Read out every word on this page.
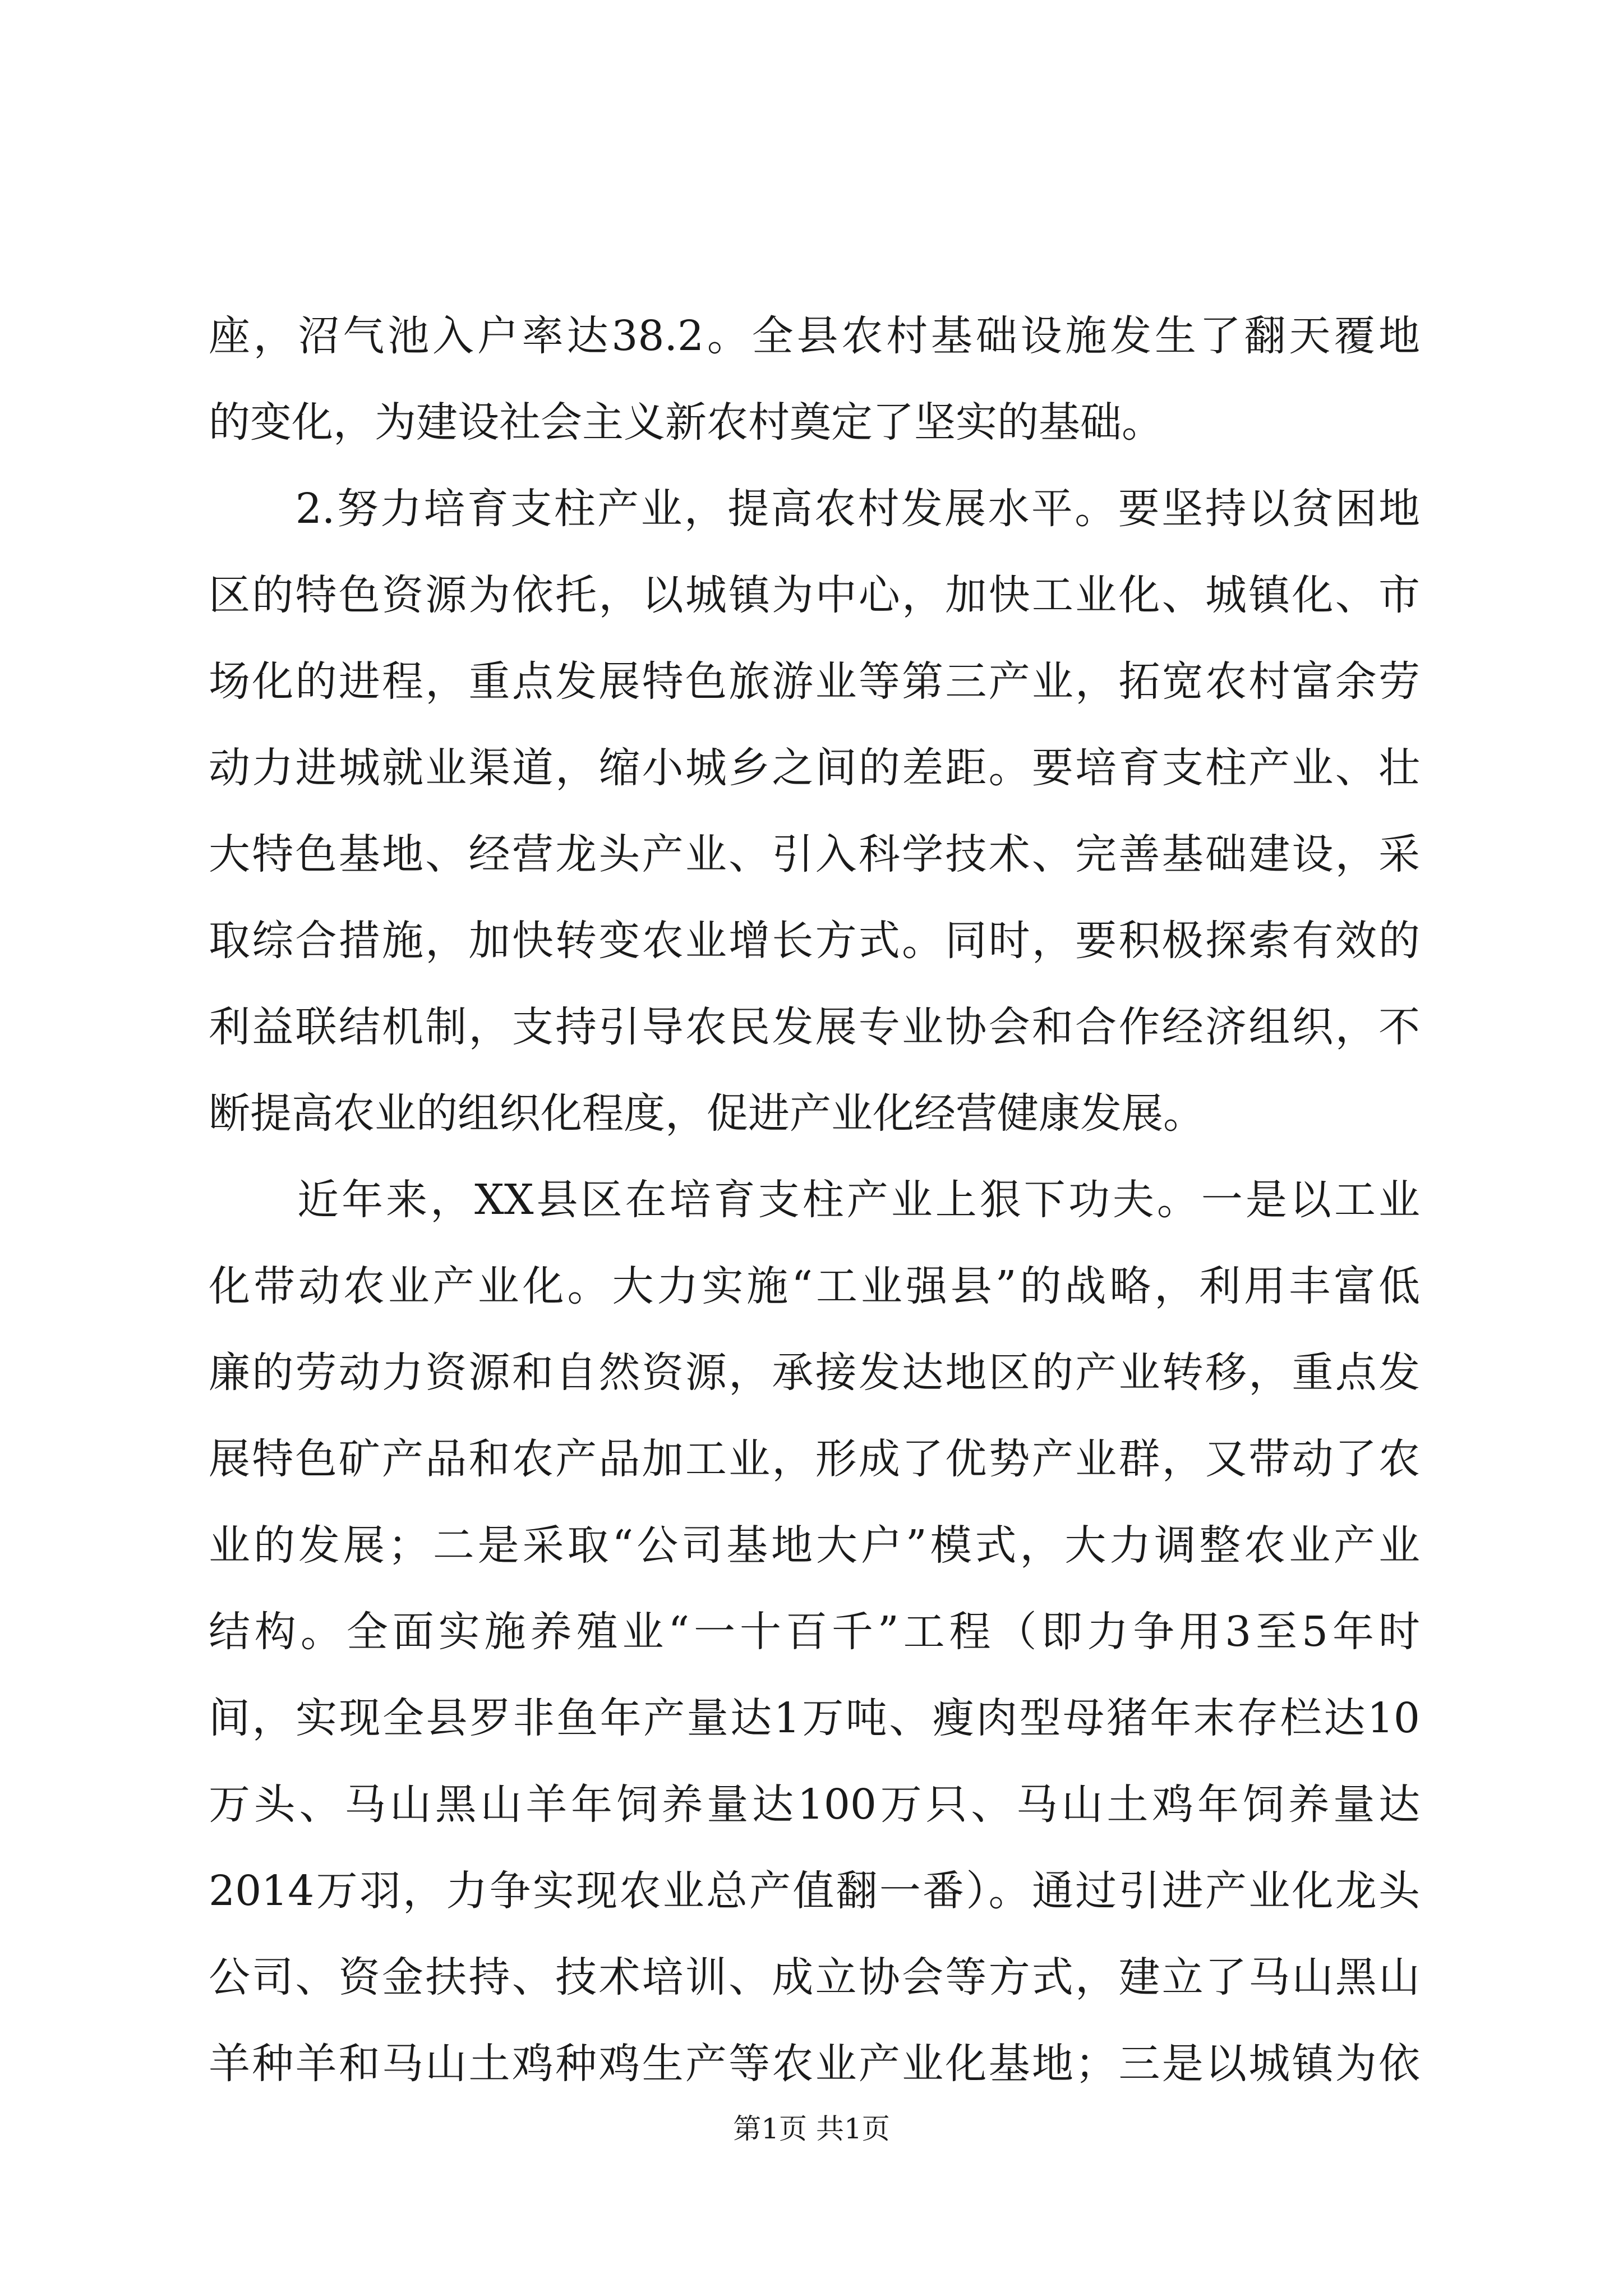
座，沼气池入户率达38.2。全县农村基础设施发生了翻天覆地
的变化，为建设社会主义新农村奠定了坚实的基础。
　　2.努力培育支柱产业，提高农村发展水平。要坚持以贫困地
区的特色资源为依托，以城镇为中心，加快工业化、城镇化、市
场化的进程，重点发展特色旅游业等第三产业，拓宽农村富余劳
动力进城就业渠道，缩小城乡之间的差距。要培育支柱产业、壮
大特色基地、经营龙头产业、引入科学技术、完善基础建设，采
取综合措施，加快转变农业增长方式。同时，要积极探索有效的
利益联结机制，支持引导农民发展专业协会和合作经济组织，不
断提高农业的组织化程度，促进产业化经营健康发展。
　　近年来，XX县区在培育支柱产业上狠下功夫。一是以工业
化带动农业产业化。大力实施“工业强县”的战略，利用丰富低
廉的劳动力资源和自然资源，承接发达地区的产业转移，重点发
展特色矿产品和农产品加工业，形成了优势产业群，又带动了农
业的发展；二是采取“公司基地大户”模式，大力调整农业产业
结构。全面实施养殖业“一十百千”工程（即力争用3至5年时
间，实现全县罗非鱼年产量达1万吨、瘦肉型母猪年末存栏达10
万头、马山黑山羊年饲养量达100万只、马山土鸡年饲养量达
2014万羽，力争实现农业总产值翻一番）。通过引进产业化龙头
公司、资金扶持、技术培训、成立协会等方式，建立了马山黑山
羊种羊和马山土鸡种鸡生产等农业产业化基地；三是以城镇为依
第1页 共1页
